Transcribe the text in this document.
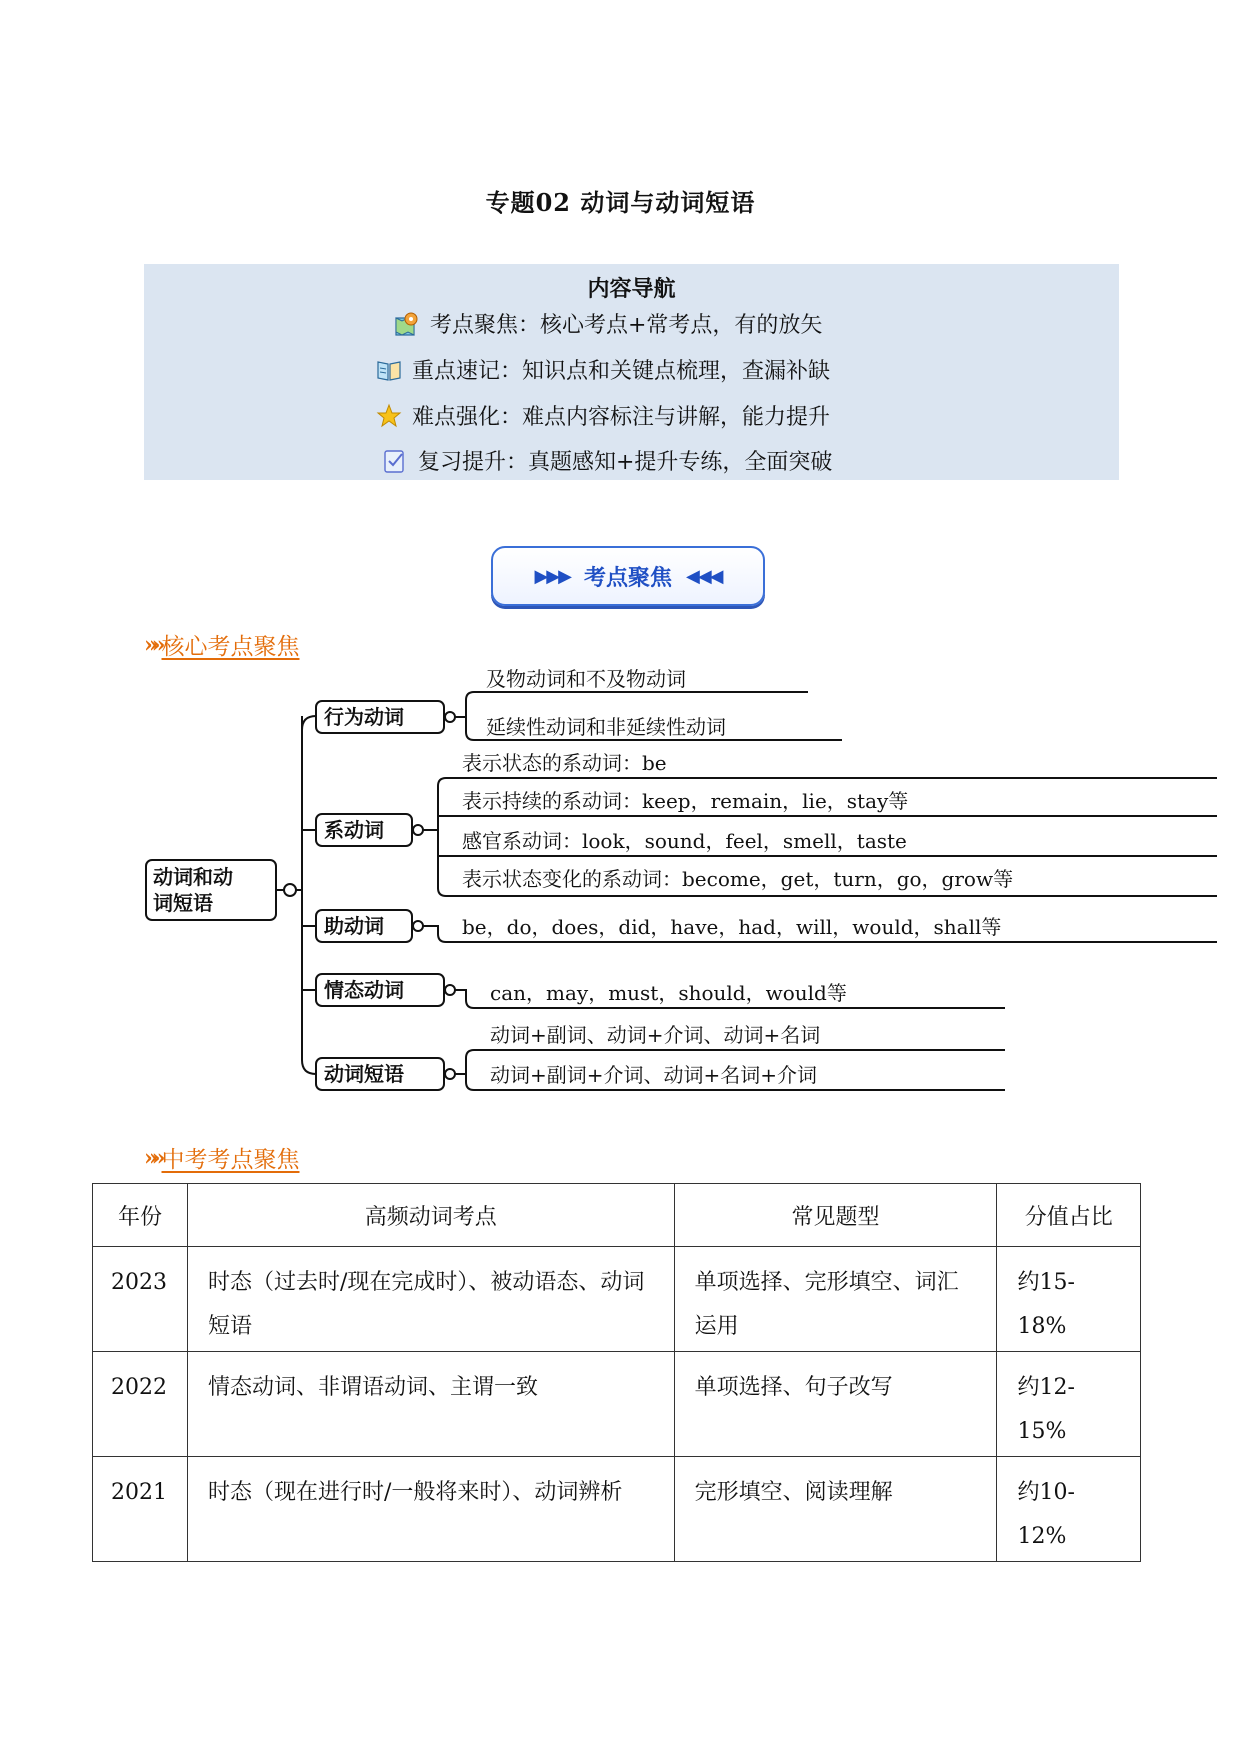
专题02 动词与动词短语
内容导航
考点聚焦：核心考点+常考点，有的放矢
重点速记：知识点和关键点梳理，查漏补缺
难点强化：难点内容标注与讲解，能力提升
复习提升：真题感知+提升专练，全面突破
▶▶▶ 考点聚焦 ◀◀◀
»» 核心考点聚焦
动词和动
词短语
行为动词
系动词
助动词
情态动词
动词短语
及物动词和不及物动词
延续性动词和非延续性动词
表示状态的系动词：be
表示持续的系动词：keep，remain，lie，stay等
感官系动词：look，sound，feel，smell，taste
表示状态变化的系动词：become，get，turn，go，grow等
be，do，does，did，have，had，will，would，shall等
can，may，must，should，would等
动词+副词、动词+介词、动词+名词
动词+副词+介词、动词+名词+介词
»» 中考考点聚焦
年份	高频动词考点	常见题型	分值占比
2023	时态（过去时/现在完成时）、被动语态、动词短语	单项选择、完形填空、词汇运用	约15-18%
2022	情态动词、非谓语动词、主谓一致	单项选择、句子改写	约12-15%
2021	时态（现在进行时/一般将来时）、动词辨析	完形填空、阅读理解	约10-12%
